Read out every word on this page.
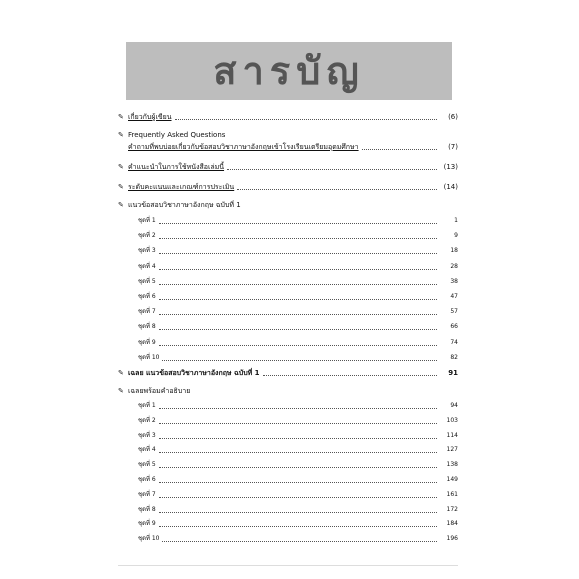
สารบัญ
✎ เกี่ยวกับผู้เขียน	(6)
✎ Frequently Asked Questions
คำถามที่พบบ่อยเกี่ยวกับข้อสอบวิชาภาษาอังกฤษเข้าโรงเรียนเตรียมอุดมศึกษา	(7)
✎ คำแนะนำในการใช้หนังสือเล่มนี้	(13)
✎ ระดับคะแนนและเกณฑ์การประเมิน	(14)
✎ แนวข้อสอบวิชาภาษาอังกฤษ ฉบับที่ 1
ชุดที่ 1	1
ชุดที่ 2	9
ชุดที่ 3	18
ชุดที่ 4	28
ชุดที่ 5	38
ชุดที่ 6	47
ชุดที่ 7	57
ชุดที่ 8	66
ชุดที่ 9	74
ชุดที่ 10	82
✎ เฉลย แนวข้อสอบวิชาภาษาอังกฤษ ฉบับที่ 1	91
✎ เฉลยพร้อมคำอธิบาย
ชุดที่ 1	94
ชุดที่ 2	103
ชุดที่ 3	114
ชุดที่ 4	127
ชุดที่ 5	138
ชุดที่ 6	149
ชุดที่ 7	161
ชุดที่ 8	172
ชุดที่ 9	184
ชุดที่ 10	196
